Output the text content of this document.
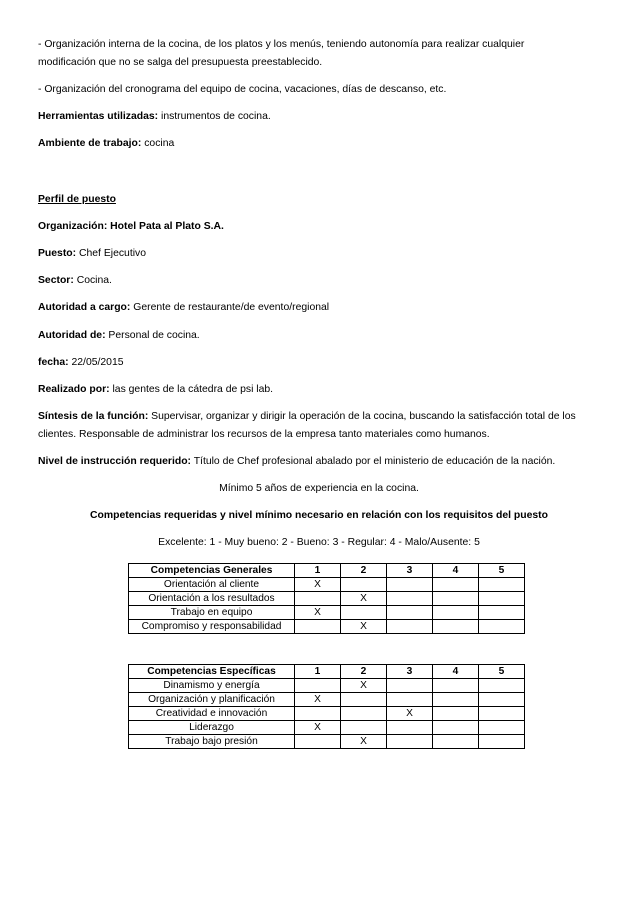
- Organización interna de la cocina, de los platos y los menús, teniendo autonomía para realizar cualquier
modificación que no se salga del presupuesta preestablecido.

- Organización del cronograma del equipo de cocina, vacaciones, días de descanso, etc.

Herramientas utilizadas: instrumentos de cocina.

Ambiente de trabajo: cocina

Perfil de puesto

Organización: Hotel Pata al Plato S.A.

Puesto: Chef Ejecutivo

Sector: Cocina.

Autoridad a cargo: Gerente de restaurante/de evento/regional

Autoridad de: Personal de cocina.

fecha: 22/05/2015

Realizado por: las gentes de la cátedra de psi lab.

Síntesis de la función: Supervisar, organizar y dirigir la operación de la cocina, buscando la satisfacción total de los
clientes. Responsable de administrar los recursos de la empresa tanto materiales como humanos.

Nivel de instrucción requerido: Título de Chef profesional abalado por el ministerio de educación de la nación.

Mínimo 5 años de experiencia en la cocina.

Competencias requeridas y nivel mínimo necesario en relación con los requisitos del puesto

Excelente: 1 - Muy bueno: 2 - Bueno: 3 - Regular: 4 - Malo/Ausente: 5

Competencias Generales	1	2	3	4	5
Orientación al cliente	X				
Orientación a los resultados		X			
Trabajo en equipo	X				
Compromiso y responsabilidad		X			
Competencias Específicas	1	2	3	4	5
Dinamismo y energía		X			
Organización y planificación	X				
Creatividad e innovación			X		
Liderazgo	X				
Trabajo bajo presión		X			
